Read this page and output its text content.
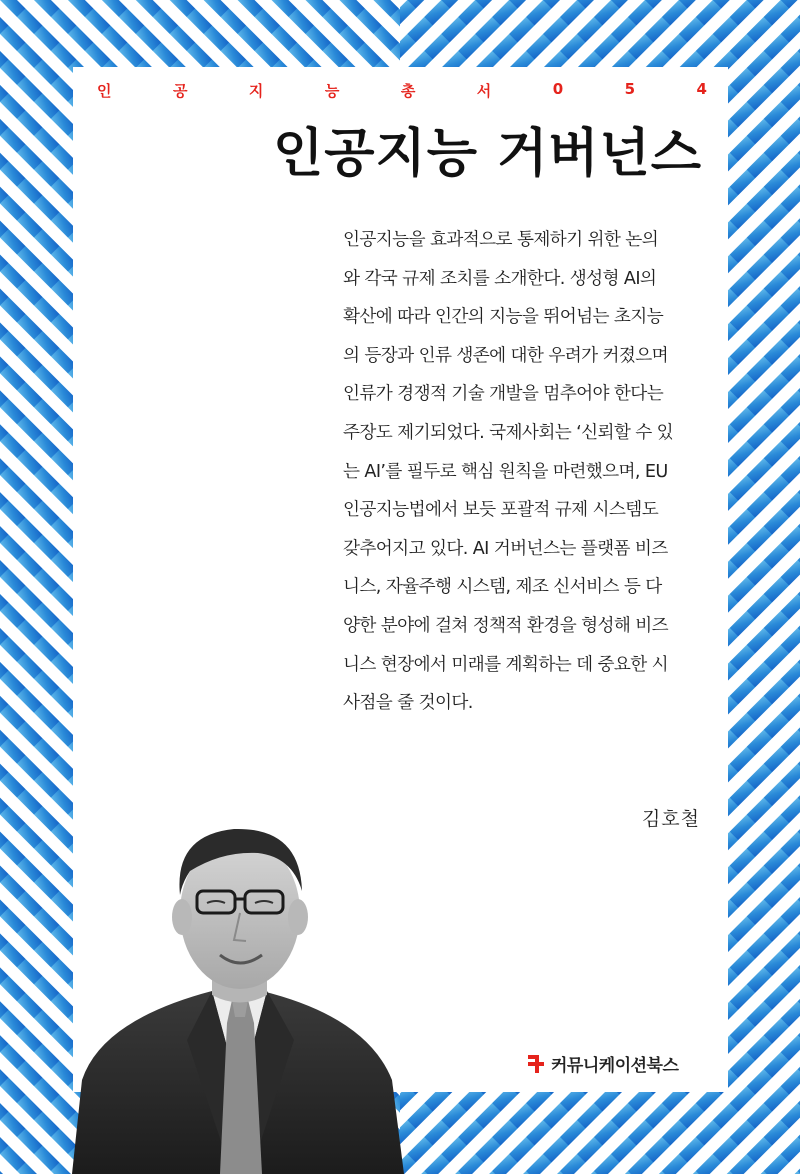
인	공	지	능	총	서	0	5	4
인공지능 거버넌스

인공지능을 효과적으로 통제하기 위한 논의
와 각국 규제 조치를 소개한다. 생성형 AI의
확산에 따라 인간의 지능을 뛰어넘는 초지능
의 등장과 인류 생존에 대한 우려가 커졌으며
인류가 경쟁적 기술 개발을 멈추어야 한다는
주장도 제기되었다. 국제사회는 ‘신뢰할 수 있
는 AI’를 필두로 핵심 원칙을 마련했으며, EU
인공지능법에서 보듯 포괄적 규제 시스템도
갖추어지고 있다. AI 거버넌스는 플랫폼 비즈
니스, 자율주행 시스템, 제조 신서비스 등 다
양한 분야에 걸쳐 정책적 환경을 형성해 비즈
니스 현장에서 미래를 계획하는 데 중요한 시
사점을 줄 것이다.

김호철
커뮤니케이션북스
